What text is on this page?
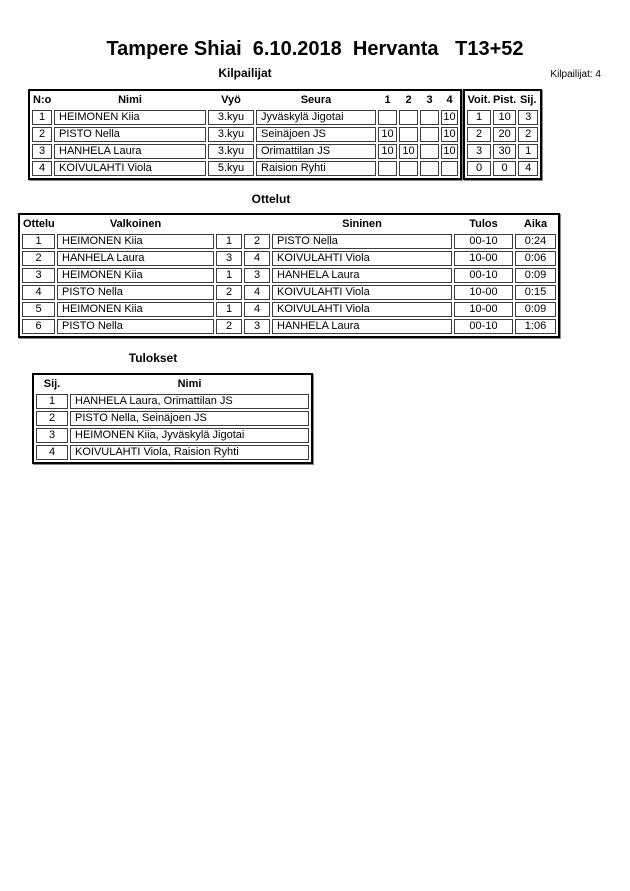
Tampere Shiai  6.10.2018  Hervanta   T13+52
Kilpailijat	Kilpailijat: 4
N:o	Nimi	Vyö	Seura	1	2	3	4
1	HEIMONEN Kiia	3.kyu	Jyväskylä Jigotai				10
2	PISTO Nella	3.kyu	Seinäjoen JS	10			10
3	HANHELA Laura	3.kyu	Orimattilan JS	10	10		10
4	KOIVULAHTI Viola	5.kyu	Raision Ryhti				
Voit.	Pist.	Sij.
1	10	3
2	20	2
3	30	1
0	0	4
Ottelut
Ottelu	Valkoinen			Sininen	Tulos	Aika
1	HEIMONEN Kiia	1	2	PISTO Nella	00-10	0:24
2	HANHELA Laura	3	4	KOIVULAHTI Viola	10-00	0:06
3	HEIMONEN Kiia	1	3	HANHELA Laura	00-10	0:09
4	PISTO Nella	2	4	KOIVULAHTI Viola	10-00	0:15
5	HEIMONEN Kiia	1	4	KOIVULAHTI Viola	10-00	0:09
6	PISTO Nella	2	3	HANHELA Laura	00-10	1:06
Tulokset
Sij.	Nimi
1	HANHELA Laura, Orimattilan JS
2	PISTO Nella, Seinäjoen JS
3	HEIMONEN Kiia, Jyväskylä Jigotai
4	KOIVULAHTI Viola, Raision Ryhti
